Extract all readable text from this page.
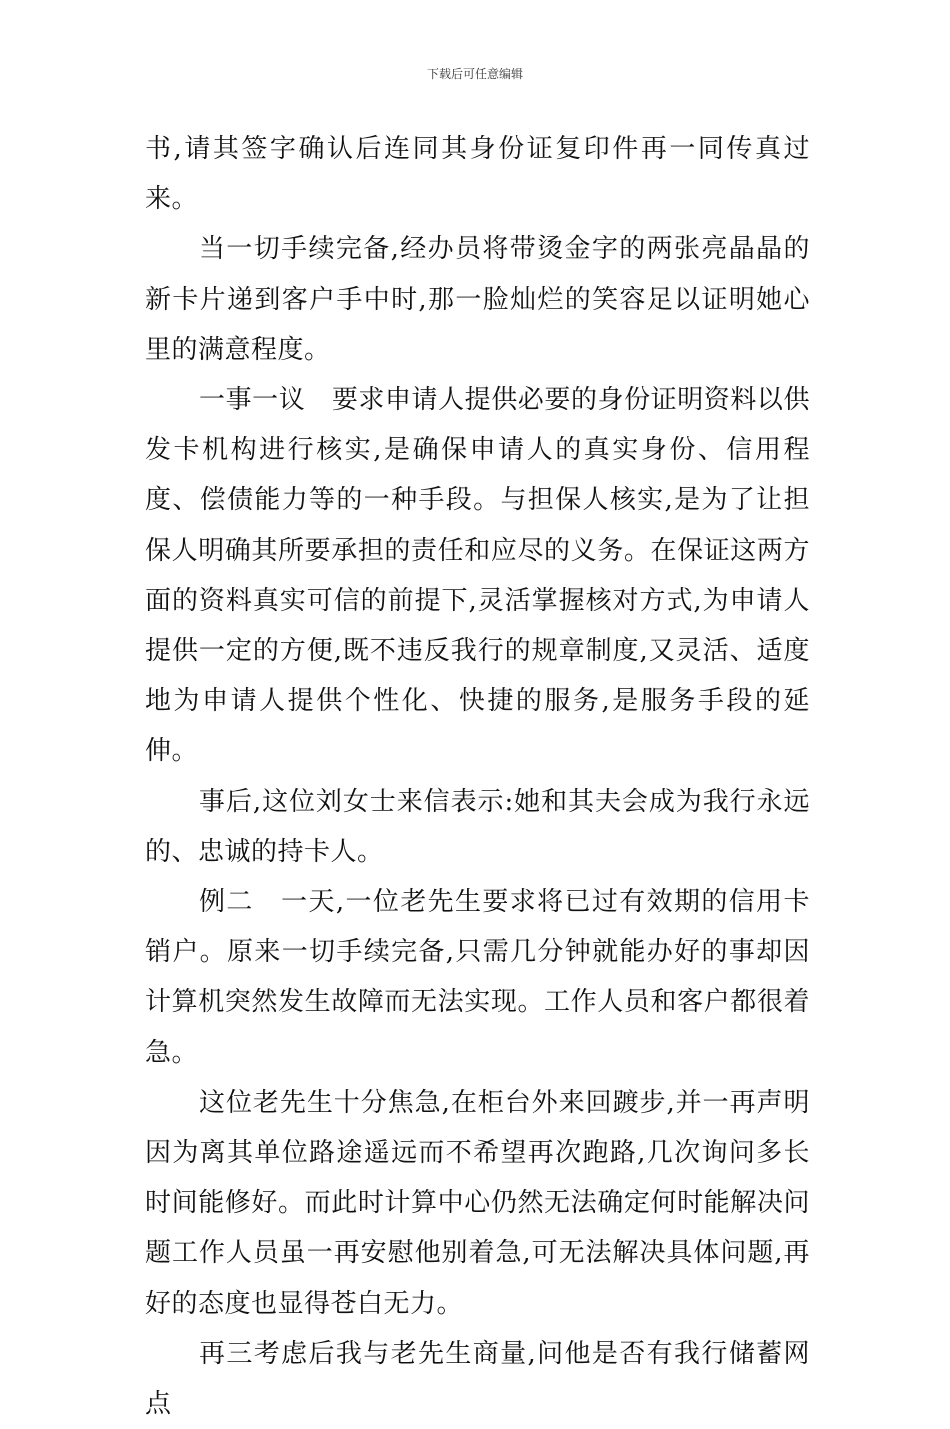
下载后可任意编辑

书,请其签字确认后连同其身份证复印件再一同传真过来。

当一切手续完备,经办员将带烫金字的两张亮晶晶的新卡片递到客户手中时,那一脸灿烂的笑容足以证明她心里的满意程度。

一事一议　要求申请人提供必要的身份证明资料以供发卡机构进行核实,是确保申请人的真实身份、信用程度、偿债能力等的一种手段。与担保人核实,是为了让担保人明确其所要承担的责任和应尽的义务。在保证这两方面的资料真实可信的前提下,灵活掌握核对方式,为申请人提供一定的方便,既不违反我行的规章制度,又灵活、适度地为申请人提供个性化、快捷的服务,是服务手段的延伸。

事后,这位刘女士来信表示:她和其夫会成为我行永远的、忠诚的持卡人。

例二　一天,一位老先生要求将已过有效期的信用卡销户。原来一切手续完备,只需几分钟就能办好的事却因计算机突然发生故障而无法实现。工作人员和客户都很着急。

这位老先生十分焦急,在柜台外来回踱步,并一再声明因为离其单位路途遥远而不希望再次跑路,几次询问多长时间能修好。而此时计算中心仍然无法确定何时能解决问题工作人员虽一再安慰他别着急,可无法解决具体问题,再好的态度也显得苍白无力。

再三考虑后我与老先生商量,问他是否有我行储蓄网点
